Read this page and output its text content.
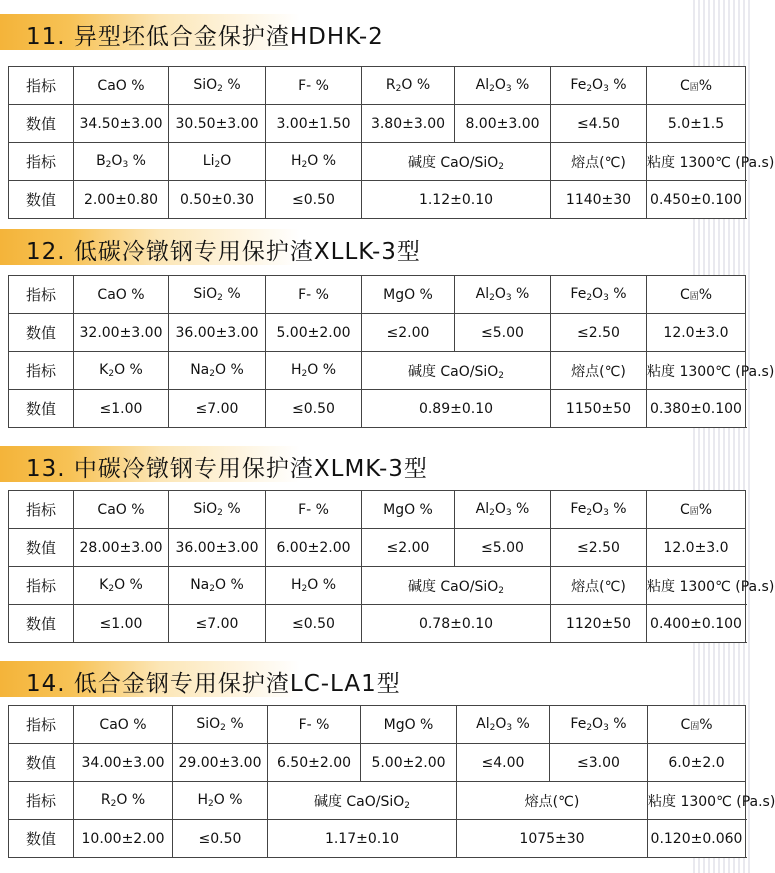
11. 异型坯低合金保护渣HDHK-2
指标	CaO %	SiO$_2$ %	F- %	$R_2O$ %	$Al_2O_3$ %	$Fe_2O_3$ %	C固%
数值	34.50±3.00	30.50±3.00	3.00±1.50	3.80±3.00	8.00±3.00	≤4.50	5.0±1.5
指标	$B_2O_3$ %	$Li_2O$	$H_2O$ %	碱度 CaO/SiO$_2$		熔点(℃)	粘度 1300℃ (Pa.s)
数值	2.00±0.80	0.50±0.30	≤0.50	1.12±0.10		1140±30	0.450±0.100
12. 低碳冷镦钢专用保护渣XLLK-3型
指标	CaO %	SiO$_2$ %	F- %	MgO %	$Al_2O_3$ %	$Fe_2O_3$ %	C固%
数值	32.00±3.00	36.00±3.00	5.00±2.00	≤2.00	≤5.00	≤2.50	12.0±3.0
指标	$K_2O$ %	$Na_2O$ %	$H_2O$ %	碱度 CaO/SiO$_2$		熔点(℃)	粘度 1300℃ (Pa.s)
数值	≤1.00	≤7.00	≤0.50	0.89±0.10		1150±50	0.380±0.100
13. 中碳冷镦钢专用保护渣XLMK-3型
指标	CaO %	SiO$_2$ %	F- %	MgO %	$Al_2O_3$ %	$Fe_2O_3$ %	C固%
数值	28.00±3.00	36.00±3.00	6.00±2.00	≤2.00	≤5.00	≤2.50	12.0±3.0
指标	$K_2O$ %	$Na_2O$ %	$H_2O$ %	碱度 CaO/SiO$_2$		熔点(℃)	粘度 1300℃ (Pa.s)
数值	≤1.00	≤7.00	≤0.50	0.78±0.10		1120±50	0.400±0.100
14. 低合金钢专用保护渣LC-LA1型
指标	CaO %	SiO$_2$ %	F- %	MgO %	$Al_2O_3$ %	$Fe_2O_3$ %	C固%
数值	34.00±3.00	29.00±3.00	6.50±2.00	5.00±2.00	≤4.00	≤3.00	6.0±2.0
指标	$R_2O$ %	$H_2O$ %	碱度 CaO/SiO$_2$		熔点(℃)		粘度 1300℃ (Pa.s)
数值	10.00±2.00	≤0.50	1.17±0.10		1075±30		0.120±0.060
